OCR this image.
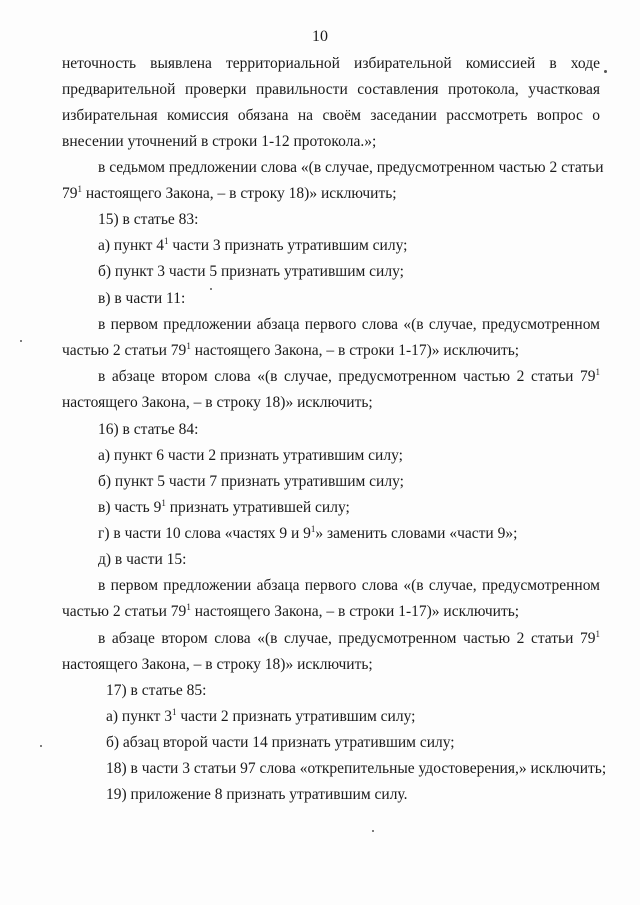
10
неточность выявлена территориальной избирательной комиссией в ходе
предварительной проверки правильности составления протокола, участковая
избирательная комиссия обязана на своём заседании рассмотреть вопрос о
внесении уточнений в строки 1-12 протокола.»;
в седьмом предложении слова «(в случае, предусмотренном частью 2 статьи
$79^1$ настоящего Закона, – в строку 18)» исключить;
15) в статье 83:
а) пункт $4^1$ части 3 признать утратившим силу;
б) пункт 3 части 5 признать утратившим силу;
в) в части 11:
в первом предложении абзаца первого слова «(в случае, предусмотренном
частью 2 статьи $79^1$ настоящего Закона, – в строки 1-17)» исключить;
в абзаце втором слова «(в случае, предусмотренном частью 2 статьи $79^1$
настоящего Закона, – в строку 18)» исключить;
16) в статье 84:
а) пункт 6 части 2 признать утратившим силу;
б) пункт 5 части 7 признать утратившим силу;
в) часть $9^1$ признать утратившей силу;
г) в части 10 слова «частях 9 и $9^1$» заменить словами «части 9»;
д) в части 15:
в первом предложении абзаца первого слова «(в случае, предусмотренном
частью 2 статьи $79^1$ настоящего Закона, – в строки 1-17)» исключить;
в абзаце втором слова «(в случае, предусмотренном частью 2 статьи $79^1$
настоящего Закона, – в строку 18)» исключить;
17) в статье 85:
а) пункт $3^1$ части 2 признать утратившим силу;
б) абзац второй части 14 признать утратившим силу;
18) в части 3 статьи 97 слова «открепительные удостоверения,» исключить;
19) приложение 8 признать утратившим силу.
